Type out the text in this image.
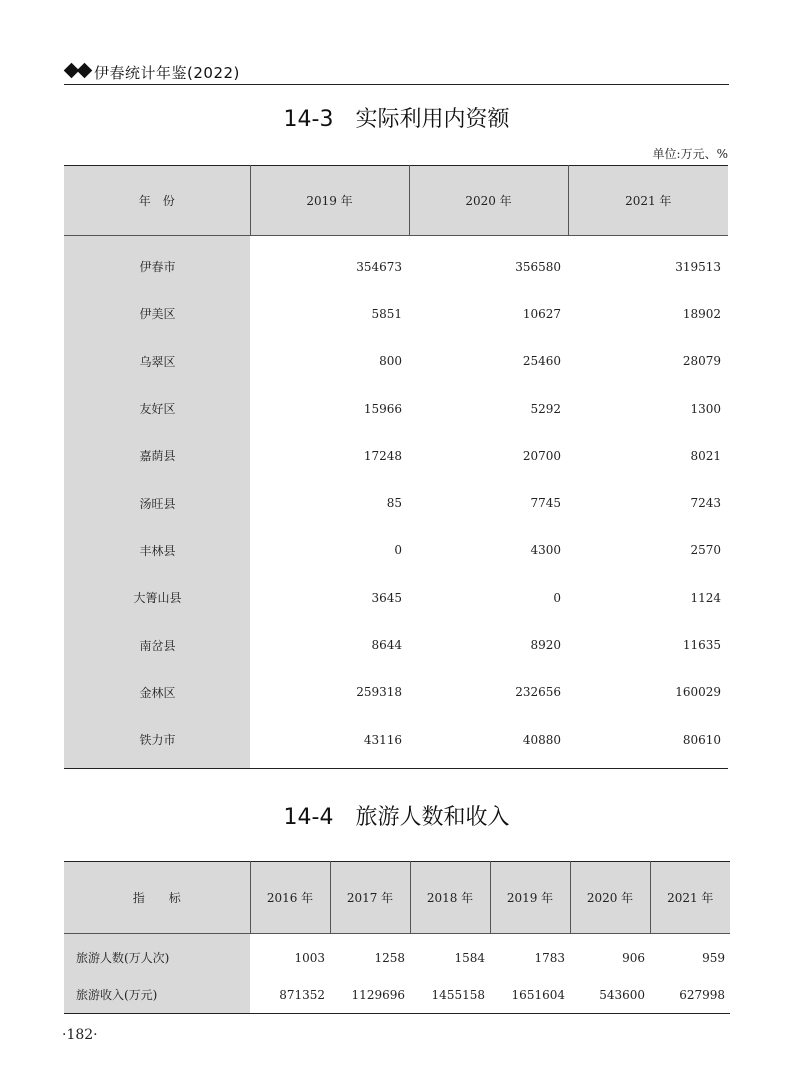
伊春统计年鉴(2022)
14-3　实际利用内资额
单位:万元、%
年　份	2019 年	2020 年	2021 年
伊春市	354673	356580	319513
伊美区	5851	10627	18902
乌翠区	800	25460	28079
友好区	15966	5292	1300
嘉荫县	17248	20700	8021
汤旺县	85	7745	7243
丰林县	0	4300	2570
大箐山县	3645	0	1124
南岔县	8644	8920	11635
金林区	259318	232656	160029
铁力市	43116	40880	80610
14-4　旅游人数和收入
指　　标	2016 年	2017 年	2018 年	2019 年	2020 年	2021 年
旅游人数(万人次)	1003	1258	1584	1783	906	959
旅游收入(万元)	871352	1129696	1455158	1651604	543600	627998
·182·
